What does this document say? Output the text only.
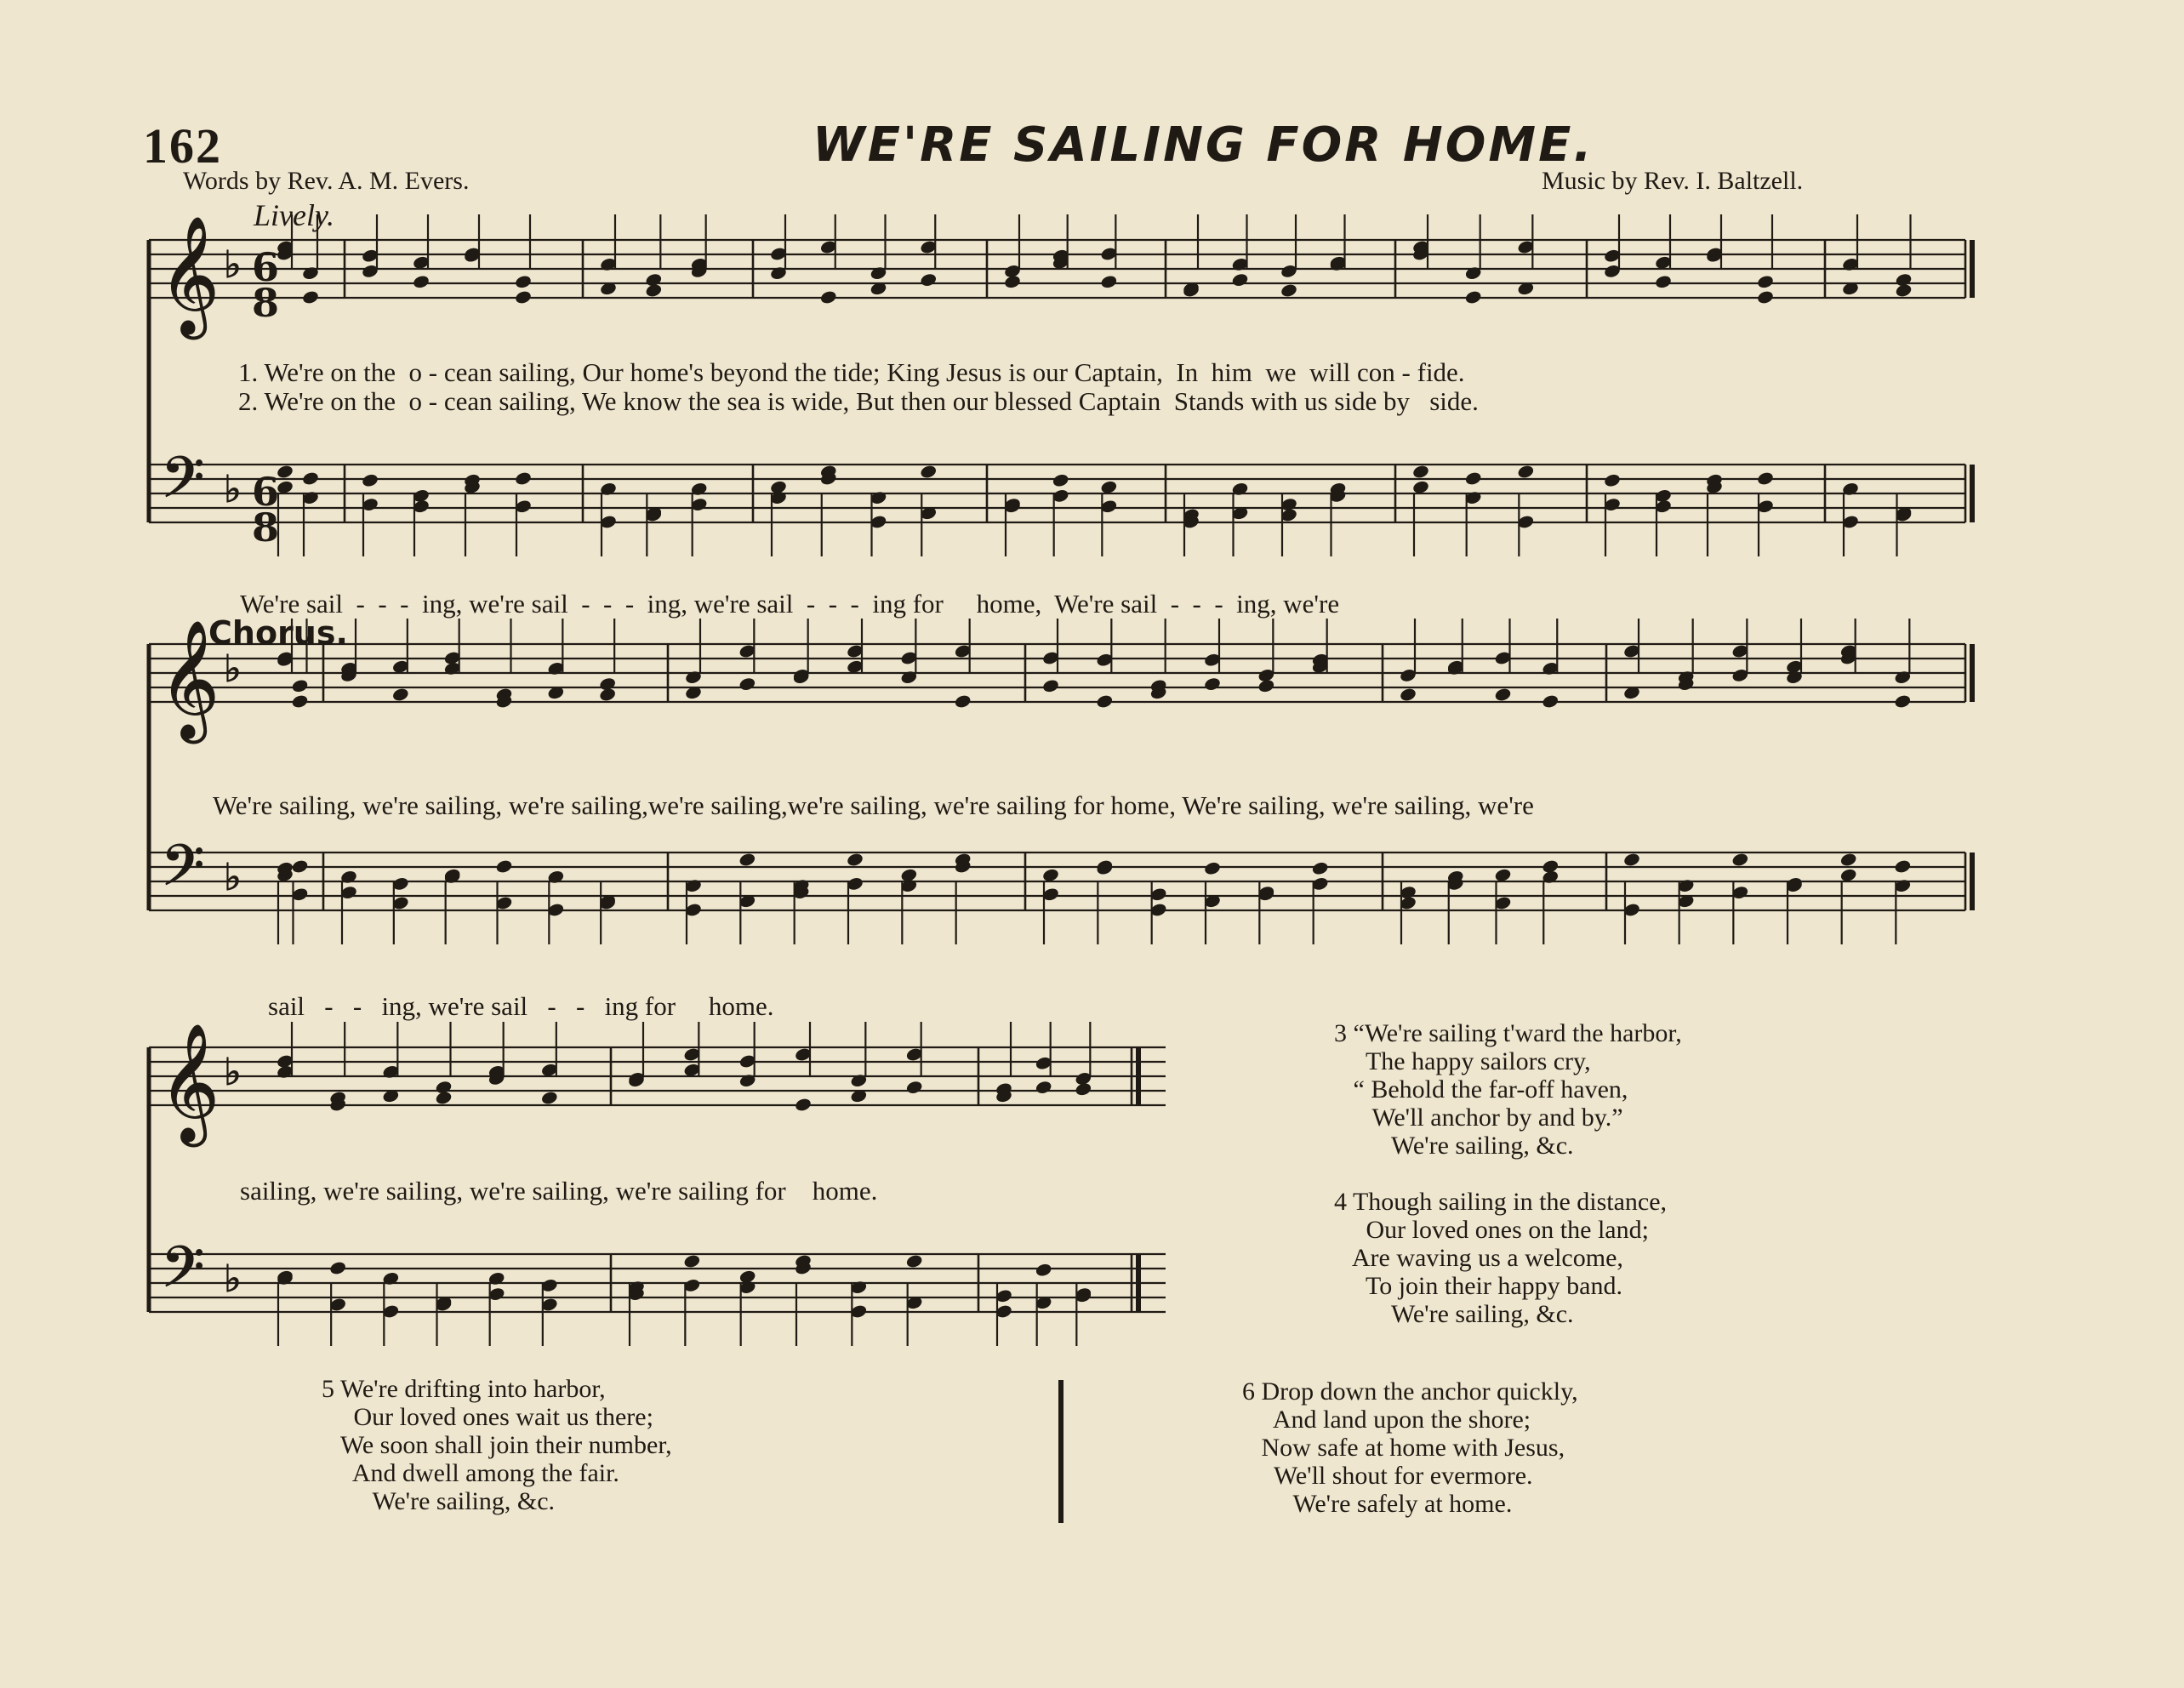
162	WE'RE SAILING FOR HOME.
Words by Rev. A. M. Evers.	Music by Rev. I. Baltzell.
Lively.
𝄞 ♭
𝄢 ♭
𝄞 ♭
𝄢 ♭
𝄞 ♭
𝄢 ♭
6
8
6
8
1. We're on the  o - cean sailing, Our home's beyond the tide; King Jesus is our Captain,  In  him  we  will con - fide.
2. We're on the  o - cean sailing, We know the sea is wide, But then our blessed Captain  Stands with us side by   side.
Chorus.
We're sail  -  -  -  ing, we're sail  -  -  -  ing, we're sail  -  -  -  ing for     home,  We're sail  -  -  -  ing, we're
We're sailing, we're sailing, we're sailing,we're sailing,we're sailing, we're sailing for home, We're sailing, we're sailing, we're
sail   -   -   ing, we're sail   -   -   ing for     home.
sailing, we're sailing, we're sailing, we're sailing for    home.
3 “We're sailing t'ward the harbor,
The happy sailors cry,
“ Behold the far-off haven,
We'll anchor by and by.”
We're sailing, &c.
4 Though sailing in the distance,
Our loved ones on the land;
Are waving us a welcome,
To join their happy band.
We're sailing, &c.
5 We're drifting into harbor,
Our loved ones wait us there;
We soon shall join their number,
And dwell among the fair.
We're sailing, &c.
6 Drop down the anchor quickly,
And land upon the shore;
Now safe at home with Jesus,
We'll shout for evermore.
We're safely at home.
